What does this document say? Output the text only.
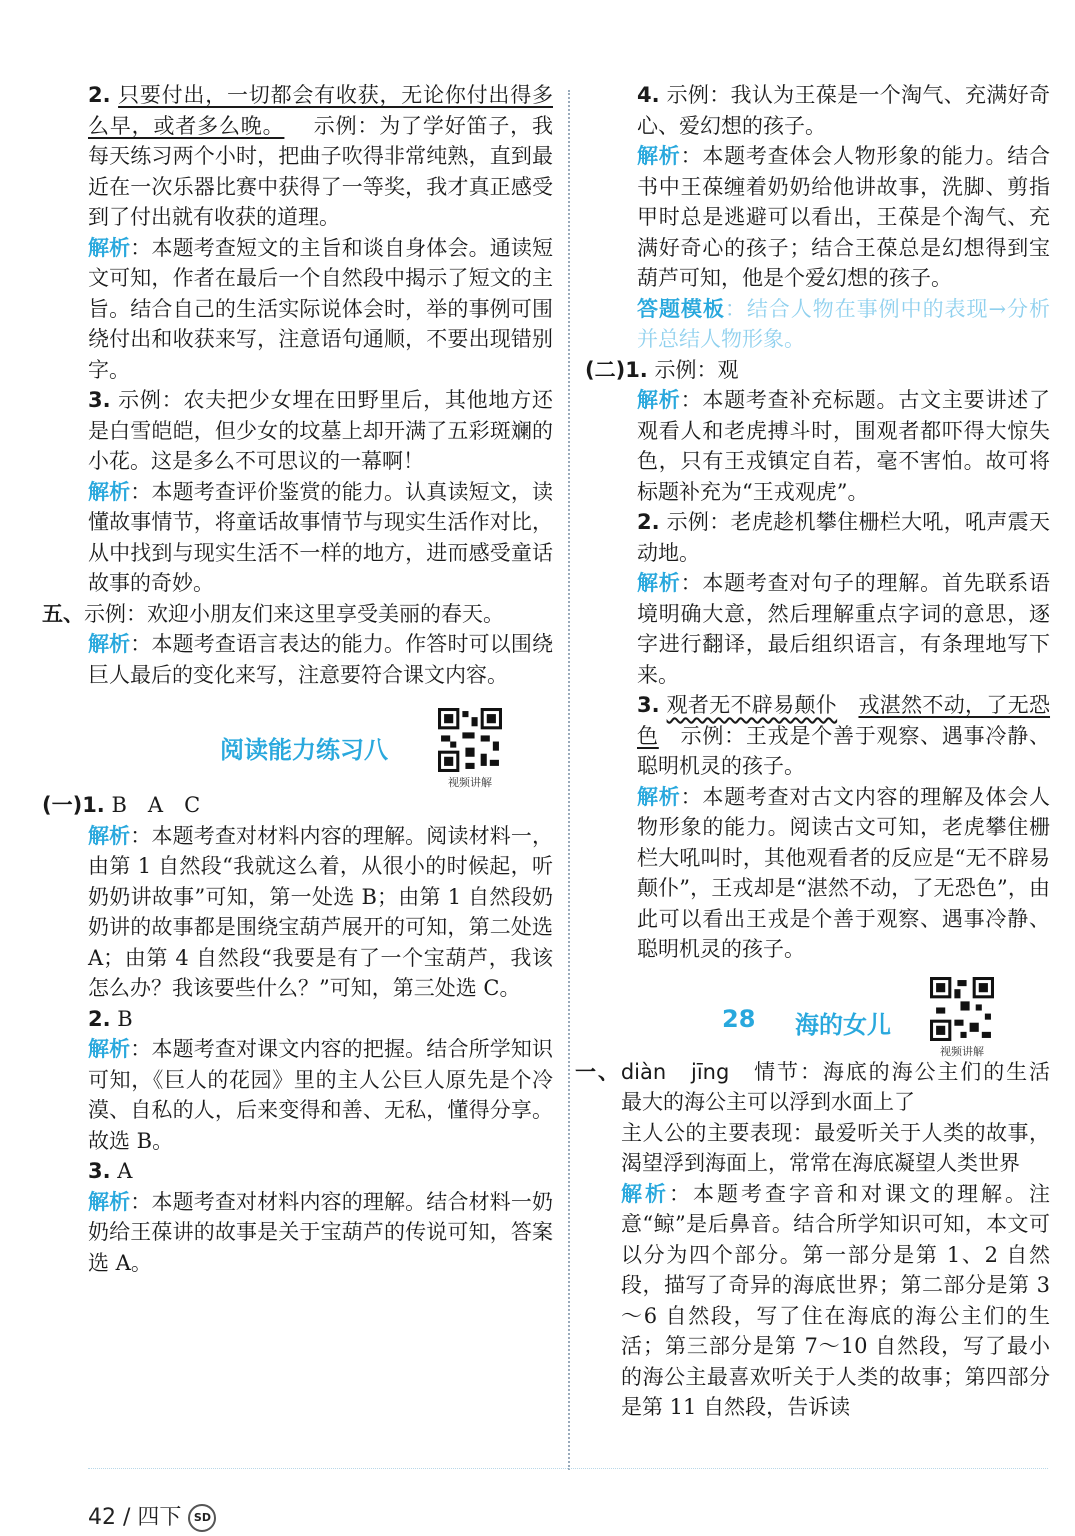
2. 只要付出，一切都会有收获，无论你付出得多么早，或者多么晚。 　 示例：为了学好笛子，我每天练习两个小时，把曲子吹得非常纯熟，直到最近在一次乐器比赛中获得了一等奖，我才真正感受到了付出就有收获的道理。

解析：本题考查短文的主旨和谈自身体会。通读短文可知，作者在最后一个自然段中揭示了短文的主旨。结合自己的生活实际说体会时，举的事例可围绕付出和收获来写，注意语句通顺，不要出现错别字。

3. 示例：农夫把少女埋在田野里后，其他地方还是白雪皑皑，但少女的坟墓上却开满了五彩斑斓的小花。这是多么不可思议的一幕啊！

解析：本题考查评价鉴赏的能力。认真读短文，读懂故事情节，将童话故事情节与现实生活作对比，从中找到与现实生活不一样的地方，进而感受童话故事的奇妙。

五、示例：欢迎小朋友们来这里享受美丽的春天。

解析：本题考查语言表达的能力。作答时可以围绕巨人最后的变化来写，注意要符合课文内容。

阅读能力练习八
视频讲解

(一)1. B　A　C

解析：本题考查对材料内容的理解。阅读材料一，由第 1 自然段“我就这么着，从很小的时候起，听奶奶讲故事”可知，第一处选 B；由第 1 自然段奶奶讲的故事都是围绕宝葫芦展开的可知，第二处选 A；由第 4 自然段“我要是有了一个宝葫芦，我该怎么办？我该要些什么？”可知，第三处选 C。

2. B

解析：本题考查对课文内容的把握。结合所学知识可知，《巨人的花园》里的主人公巨人原先是个冷漠、自私的人，后来变得和善、无私，懂得分享。故选 B。

3. A

解析：本题考查对材料内容的理解。结合材料一奶奶给王葆讲的故事是关于宝葫芦的传说可知，答案选 A。

4. 示例：我认为王葆是一个淘气、充满好奇心、爱幻想的孩子。

解析：本题考查体会人物形象的能力。结合书中王葆缠着奶奶给他讲故事，洗脚、剪指甲时总是逃避可以看出，王葆是个淘气、充满好奇心的孩子；结合王葆总是幻想得到宝葫芦可知，他是个爱幻想的孩子。

答题模板：结合人物在事例中的表现→分析并总结人物形象。

(二)1. 示例：观

解析：本题考查补充标题。古文主要讲述了观看人和老虎搏斗时，围观者都吓得大惊失色，只有王戎镇定自若，毫不害怕。故可将标题补充为“王戎观虎”。

2. 示例：老虎趁机攀住栅栏大吼，吼声震天动地。

解析：本题考查对句子的理解。首先联系语境明确大意，然后理解重点字词的意思，逐字进行翻译，最后组织语言，有条理地写下来。

3. 观者无不辟易颠仆　 戎湛然不动，了无恐色　 示例：王戎是个善于观察、遇事冷静、聪明机灵的孩子。

解析：本题考查对古文内容的理解及体会人物形象的能力。阅读古文可知，老虎攀住栅栏大吼叫时，其他观看者的反应是“无不辟易颠仆”，王戎却是“湛然不动，了无恐色”，由此可以看出王戎是个善于观察、遇事冷静、聪明机灵的孩子。

28 海的女儿
视频讲解

一、diàn　 jīng　 情节：海底的海公主们的生活　最大的海公主可以浮到水面上了

主人公的主要表现：最爱听关于人类的故事，渴望浮到海面上，常常在海底凝望人类世界

解析：本题考查字音和对课文的理解。注意“鲸”是后鼻音。结合所学知识可知，本文可以分为四个部分。第一部分是第 1、2 自然段，描写了奇异的海底世界；第二部分是第 3～6 自然段，写了住在海底的海公主们的生活；第三部分是第 7～10 自然段，写了最小的海公主最喜欢听关于人类的故事；第四部分是第 11 自然段，告诉读

42 / 四下 SD
